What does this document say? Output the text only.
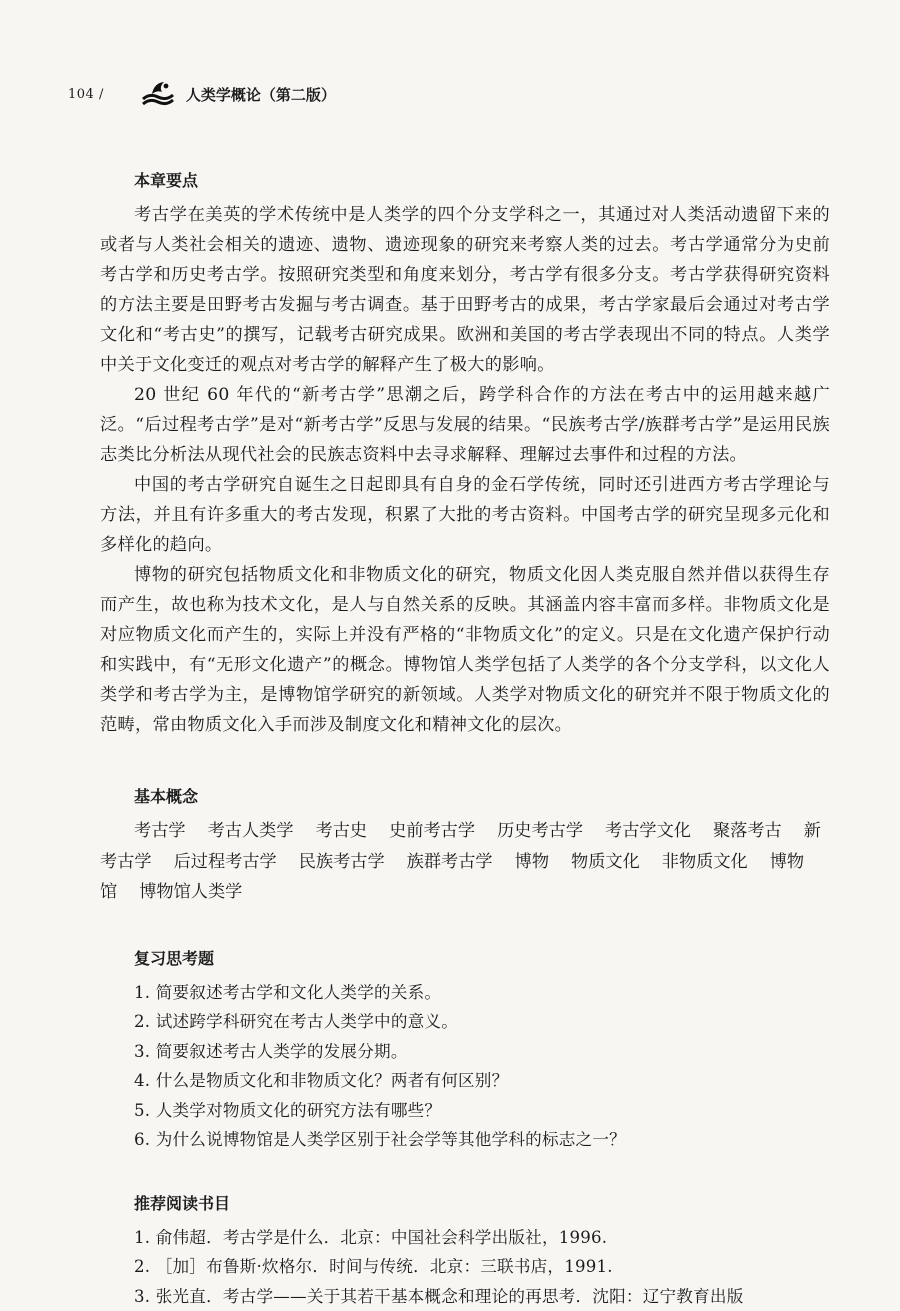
104 /	人类学概论（第二版）
本章要点

考古学在美英的学术传统中是人类学的四个分支学科之一，其通过对人类活动遗留下来的或者与人类社会相关的遗迹、遗物、遗迹现象的研究来考察人类的过去。考古学通常分为史前考古学和历史考古学。按照研究类型和角度来划分，考古学有很多分支。考古学获得研究资料的方法主要是田野考古发掘与考古调查。基于田野考古的成果，考古学家最后会通过对考古学文化和“考古史”的撰写，记载考古研究成果。欧洲和美国的考古学表现出不同的特点。人类学中关于文化变迁的观点对考古学的解释产生了极大的影响。

20 世纪 60 年代的“新考古学”思潮之后，跨学科合作的方法在考古中的运用越来越广泛。“后过程考古学”是对“新考古学”反思与发展的结果。“民族考古学/族群考古学”是运用民族志类比分析法从现代社会的民族志资料中去寻求解释、理解过去事件和过程的方法。

中国的考古学研究自诞生之日起即具有自身的金石学传统，同时还引进西方考古学理论与方法，并且有许多重大的考古发现，积累了大批的考古资料。中国考古学的研究呈现多元化和多样化的趋向。

博物的研究包括物质文化和非物质文化的研究，物质文化因人类克服自然并借以获得生存而产生，故也称为技术文化，是人与自然关系的反映。其涵盖内容丰富而多样。非物质文化是对应物质文化而产生的，实际上并没有严格的“非物质文化”的定义。只是在文化遗产保护行动和实践中，有“无形文化遗产”的概念。博物馆人类学包括了人类学的各个分支学科，以文化人类学和考古学为主，是博物馆学研究的新领域。人类学对物质文化的研究并不限于物质文化的范畴，常由物质文化入手而涉及制度文化和精神文化的层次。

基本概念

考古学 考古人类学 考古史 史前考古学 历史考古学 考古学文化 聚落考古 新考古学 后过程考古学 民族考古学 族群考古学 博物 物质文化 非物质文化 博物馆 博物馆人类学

复习思考题

1. 简要叙述考古学和文化人类学的关系。

2. 试述跨学科研究在考古人类学中的意义。

3. 简要叙述考古人类学的发展分期。

4. 什么是物质文化和非物质文化？两者有何区别？

5. 人类学对物质文化的研究方法有哪些？

6. 为什么说博物馆是人类学区别于社会学等其他学科的标志之一？

推荐阅读书目

1. 俞伟超．考古学是什么．北京：中国社会科学出版社，1996.

2. ［加］布鲁斯·炊格尔．时间与传统．北京：三联书店，1991.

3. 张光直．考古学——关于其若干基本概念和理论的再思考．沈阳：辽宁教育出版
